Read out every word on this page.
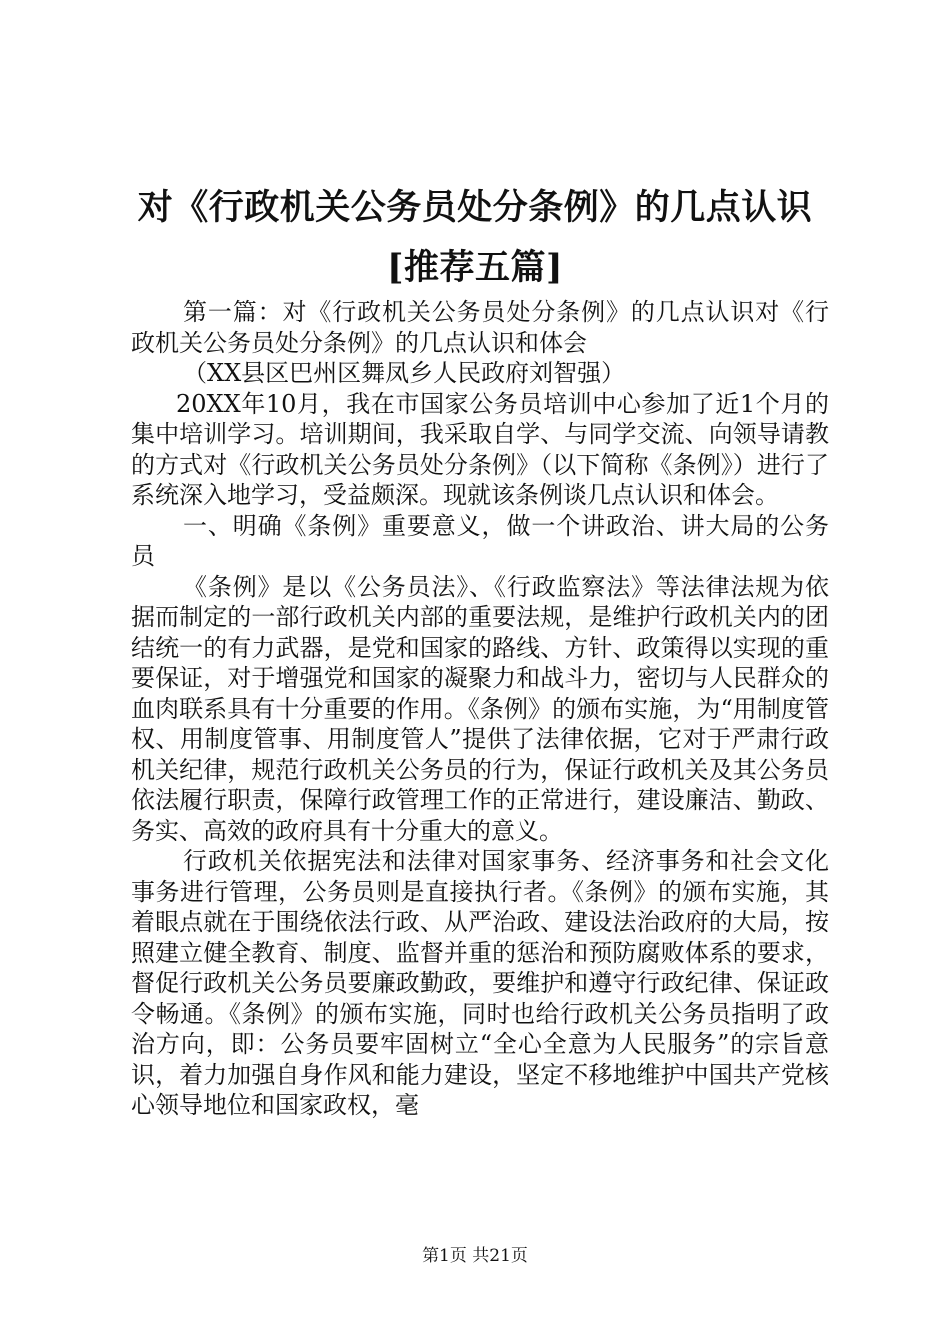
对《行政机关公务员处分条例》的几点认识
[推荐五篇]

第一篇：对《行政机关公务员处分条例》的几点认识对《行政机关公务员处分条例》的几点认识和体会

（XX县区巴州区舞凤乡人民政府刘智强）

20XX年10月，我在市国家公务员培训中心参加了近1个月的集中培训学习。培训期间，我采取自学、与同学交流、向领导请教的方式对《行政机关公务员处分条例》（以下简称《条例》）进行了系统深入地学习，受益颇深。现就该条例谈几点认识和体会。

一、明确《条例》重要意义，做一个讲政治、讲大局的公务员

《条例》是以《公务员法》、《行政监察法》等法律法规为依据而制定的一部行政机关内部的重要法规，是维护行政机关内的团结统一的有力武器，是党和国家的路线、方针、政策得以实现的重要保证，对于增强党和国家的凝聚力和战斗力，密切与人民群众的血肉联系具有十分重要的作用。《条例》的颁布实施，为“用制度管权、用制度管事、用制度管人”提供了法律依据，它对于严肃行政机关纪律，规范行政机关公务员的行为，保证行政机关及其公务员依法履行职责，保障行政管理工作的正常进行，建设廉洁、勤政、务实、高效的政府具有十分重大的意义。

行政机关依据宪法和法律对国家事务、经济事务和社会文化事务进行管理，公务员则是直接执行者。《条例》的颁布实施，其着眼点就在于围绕依法行政、从严治政、建设法治政府的大局，按照建立健全教育、制度、监督并重的惩治和预防腐败体系的要求，督促行政机关公务员要廉政勤政，要维护和遵守行政纪律、保证政令畅通。《条例》的颁布实施，同时也给行政机关公务员指明了政治方向，即：公务员要牢固树立“全心全意为人民服务”的宗旨意识，着力加强自身作风和能力建设，坚定不移地维护中国共产党核心领导地位和国家政权，毫

第1页 共21页
